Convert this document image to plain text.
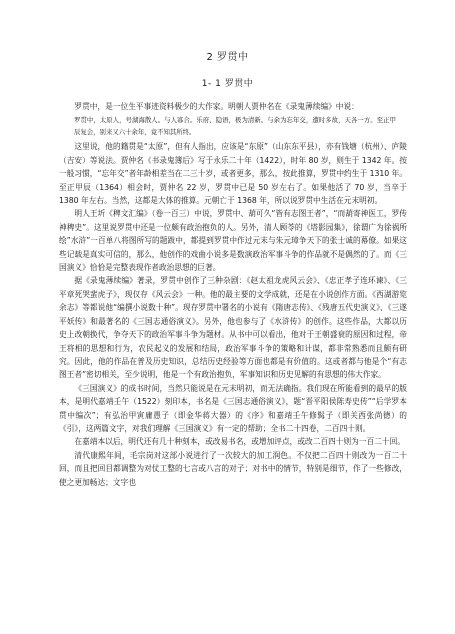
2 罗贯中
1- 1 罗贯中

罗贯中，是一位生平事迹资料极少的大作家。明朝人贾仲名在《录鬼薄续编》中说：

罗贯中，太原人，号湖海散人。与人寡合。乐府、隐语，极为清新。与余为忘年交，遭时多故，天各一方。至正甲辰复会，别来又六十余年，竟不知其所终。

这里说，他的籍贯是“太原”，但有人指出，应该是“东原”（山东东平县），亦有钱塘（杭州）、庐陵（吉安）等说法。贾仲名《书录鬼簿后》写于永乐二十年（1422），时年 80 岁，则生于 1342 年。按一般习惯，“忘年交”者年龄相差当在二三十岁，或者更多，那么，按此推算，罗贯中约生于 1310 年。至正甲辰（1364）相会时，贾仲名 22 岁，罗贯中已是 50 岁左右了。如果他活了 70 岁，当卒于 1380 年左右。当然，这都是大体的推算。元朝亡于 1368 年，所以说罗贯中生活在元末明初。

明人王圻《稗文汇编》（卷一百三）中说，罗贯中、葫可久“皆有志图王者”，“而葫寄神医工，罗传神稗史”。这里说罗贯中还是一位颇有政治抱负的人。另外，清人顾苓的《塔影园集》，徐谓广为徐祸所绘”水浒”一百单八将图所写的题跋中，都提到罗贯中作过元末与朱元璋争天下的张士诚的幕僚。如果这些记载是真实可信的，那么，他创作的戏曲小说多是数演政治军事斗争的作品就不是偶然的了。而《三国演义》恰恰是完整表现作者政治思想的巨著。

据《录鬼薄续编》著录，罗贯中创作了三种杂剧：《赵太祖龙虎风云会》、《忠正孝子连环谏》、《三平章死哭蜚虎子》，现仅存《风云会》一种。他的最主要的文学成就，还是在小说创作方面。《西湖游览余志》等都说他“编撰小说数十种”。现存罗贯中署名的小说有《隋唐志传》、《残唐五代史演义》、《三遂平妖传》和最著名的《三国志通俗演义》。另外，他也参与了《水浒传》的创作。这些作品，大都以历史上改朝换代，争夺天下的政治军事斗争为题材。从书中可以看出，他对于王朝盛衰的原因和过程，帝王将相的思想和行为，农民起义的发展和结局，政治军事斗争的策略和计谋，都非常熟悉而且颇有研究。因此，他的作品在普及历史知识，总结历史经验等方面也都是有价值的。这或者都与他是个“有志图王者”密切相关，至少说明，他是一个有政治抱负，军事知识和历史见解的有思想的伟大作家。

《三国演义》的成书时间，当然只能说是在元末明初，而无法确指。我们现在所能看到的最早的版本，是明代嘉靖壬午（1522）刻印本，书名是《三国志通俗演义》，题“晋平阳侯陈寿史传”“后学罗本贯中编次”；有弘治甲寅庸愚子（即金华蒋大器）的《序》和嘉靖壬午修髯子（即关西张尚德）的《引》，这两篇文字，对我们理解《三国演义》有一定的帮助；全书二十四卷，二百四十则。

在嘉靖本以后，明代还有几十种刻本，或改易书名，或增加评点，或改二百四十则为一百二十回。

清代康熙年间，毛宗岗对这部小说进行了一次较大的加工润色。不仅把二百四十则改为一百二十回，而且把回目都调整为对仗工整的七言或八言的对子；对书中的情节，特别是细节，作了一些修改，使之更加畅达；文字也
